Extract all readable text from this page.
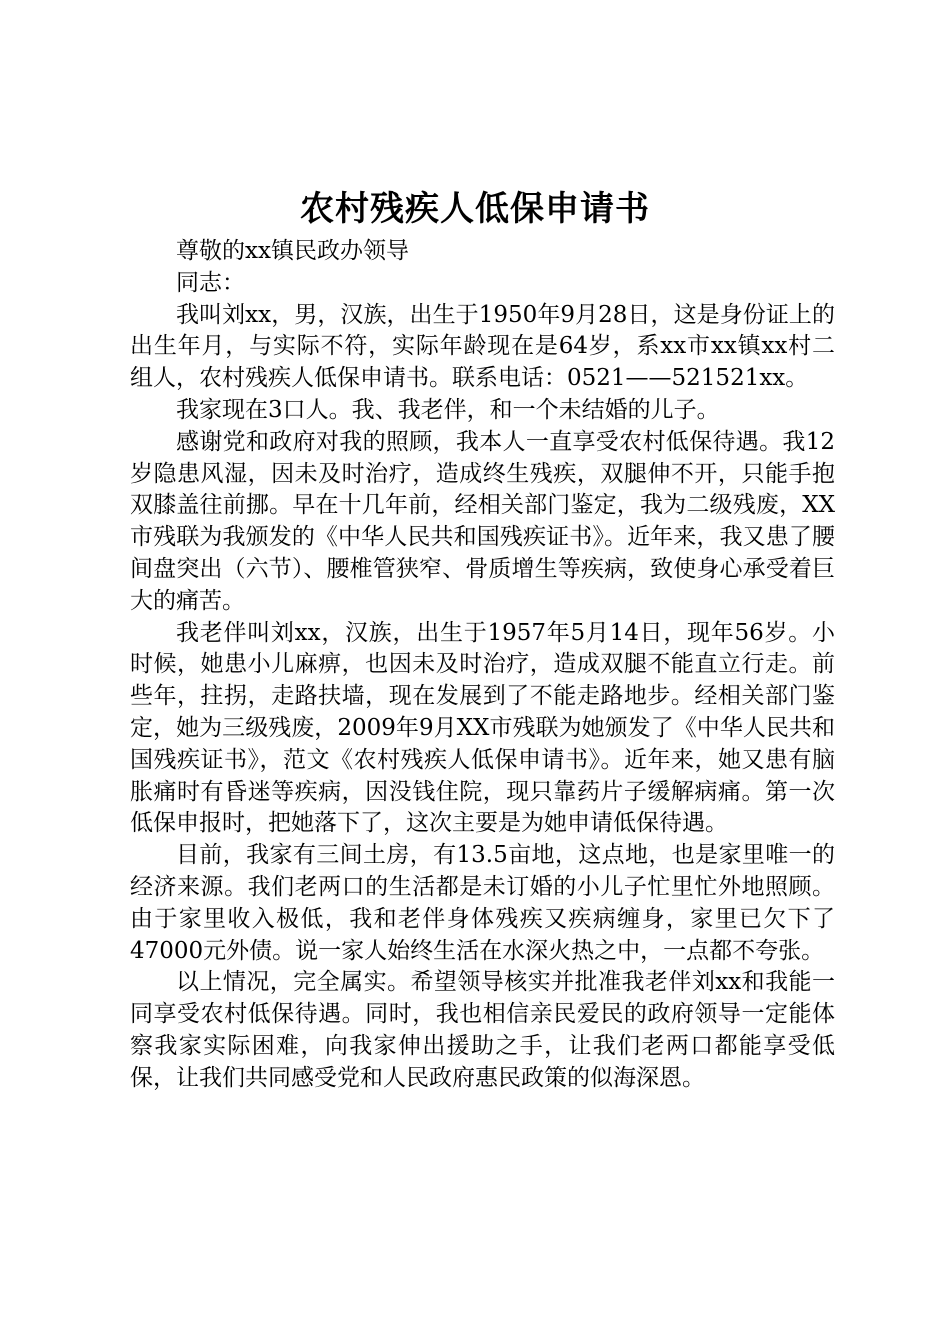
农村残疾人低保申请书

尊敬的xx镇民政办领导

同志：

我叫刘xx，男，汉族，出生于1950年9月28日，这是身份证上的出生年月，与实际不符，实际年龄现在是64岁，系xx市xx镇xx村二组人，农村残疾人低保申请书。联系电话：0521——521521xx。

我家现在3口人。我、我老伴，和一个未结婚的儿子。

感谢党和政府对我的照顾，我本人一直享受农村低保待遇。我12岁隐患风湿，因未及时治疗，造成终生残疾，双腿伸不开，只能手抱双膝盖往前挪。早在十几年前，经相关部门鉴定，我为二级残废，XX市残联为我颁发的《中华人民共和国残疾证书》。近年来，我又患了腰间盘突出（六节）、腰椎管狭窄、骨质增生等疾病，致使身心承受着巨大的痛苦。

我老伴叫刘xx，汉族，出生于1957年5月14日，现年56岁。小时候，她患小儿麻痹，也因未及时治疗，造成双腿不能直立行走。前些年，拄拐，走路扶墙，现在发展到了不能走路地步。经相关部门鉴定，她为三级残废，2009年9月XX市残联为她颁发了《中华人民共和国残疾证书》，范文《农村残疾人低保申请书》。近年来，她又患有脑胀痛时有昏迷等疾病，因没钱住院，现只靠药片子缓解病痛。第一次低保申报时，把她落下了，这次主要是为她申请低保待遇。

目前，我家有三间土房，有13.5亩地，这点地，也是家里唯一的经济来源。我们老两口的生活都是未订婚的小儿子忙里忙外地照顾。由于家里收入极低，我和老伴身体残疾又疾病缠身，家里已欠下了47000元外债。说一家人始终生活在水深火热之中，一点都不夸张。

以上情况，完全属实。希望领导核实并批准我老伴刘xx和我能一同享受农村低保待遇。同时，我也相信亲民爱民的政府领导一定能体察我家实际困难，向我家伸出援助之手，让我们老两口都能享受低保，让我们共同感受党和人民政府惠民政策的似海深恩。
